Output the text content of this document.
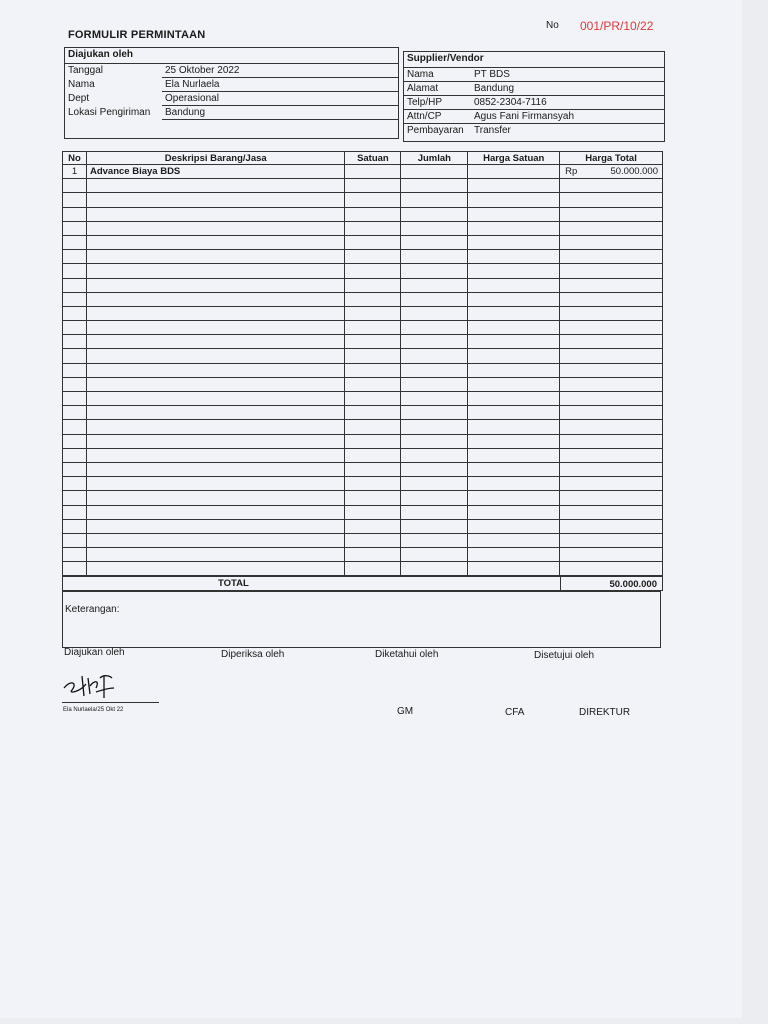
FORMULIR PERMINTAAN
No 001/PR/10/22
Diajukan oleh
Tanggal	25 Oktober 2022
Nama	Ela Nurlaela
Dept	Operasional
Lokasi Pengiriman Bandung
Supplier/Vendor
Nama	PT BDS
Alamat	Bandung
Telp/HP	0852-2304-7116
Attn/CP	Agus Fani Firmansyah
Pembayaran Transfer
No	Deskripsi Barang/Jasa	Satuan	Jumlah	Harga Satuan	Harga Total
1	Advance Biaya BDS				Rp 50.000.000

TOTAL	50.000.000
Keterangan:
Diajukan oleh	Diperiksa oleh	Diketahui oleh	Disetujui oleh
Ela Nurlaela/25 Okt 22	GM	CFA	DIREKTUR
